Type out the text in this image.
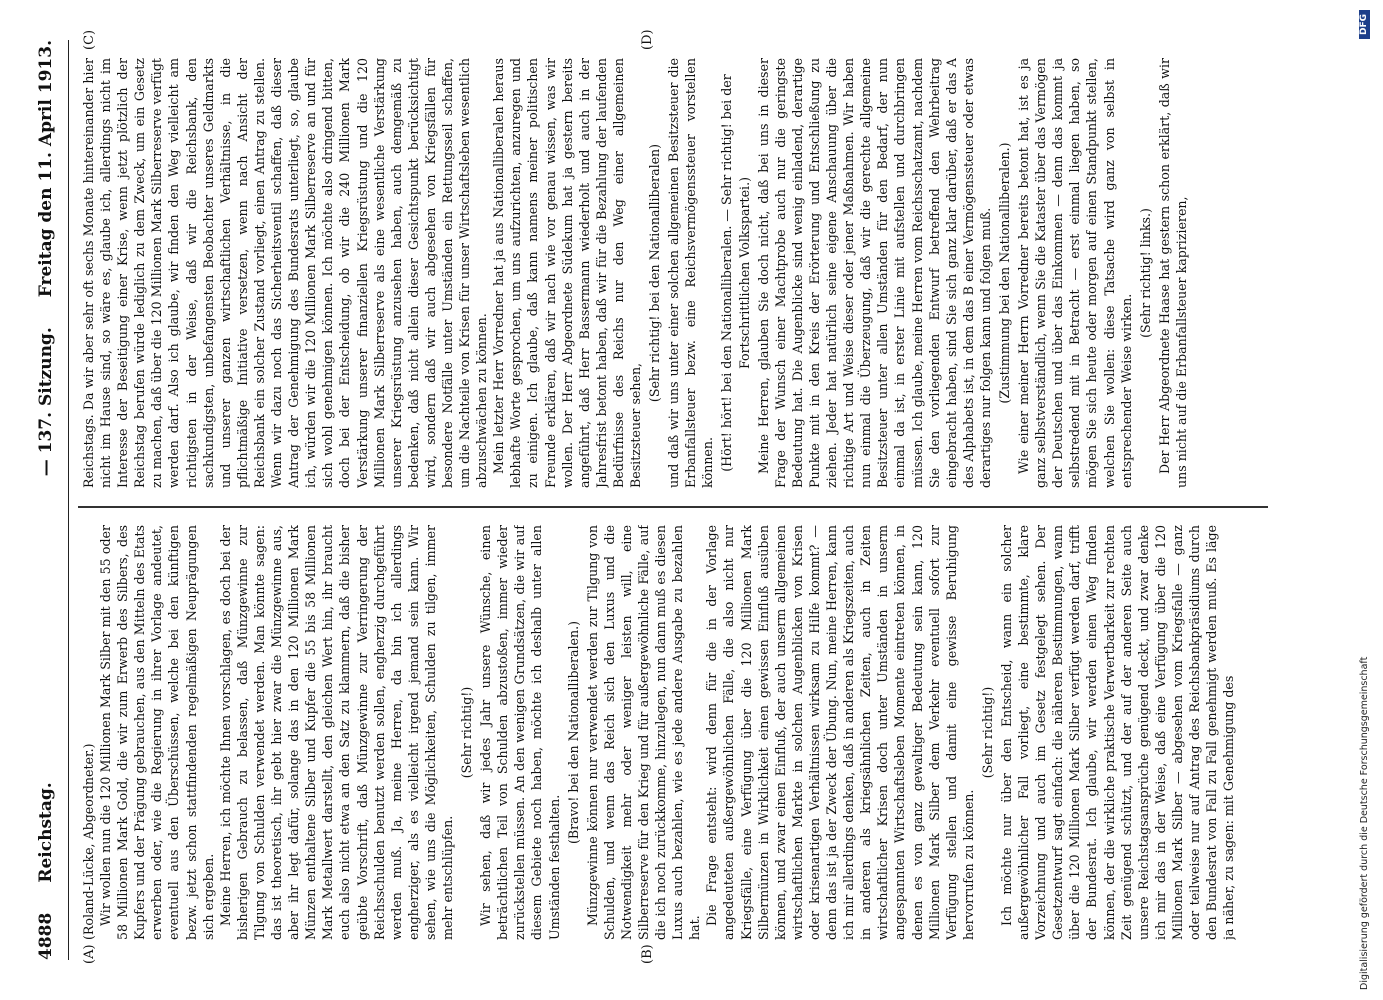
4888
Reichstag.
— 137. Sitzung.
Freitag den 11. April 1913.
(A)	(B)
(C)	(D)

(Roland-Lücke, Abgeordneter.) Wir wollen nun die 120 Millionen Mark Silber mit den 55 oder 58 Millionen Mark Gold, die wir zum Erwerb des Silbers, des Kupfers und der Prägung gebrauchen, aus den Mitteln des Etats erwerben oder, wie die Regierung in ihrer Vorlage andeutet, eventuell aus den Überschüssen, welche bei den künftigen bezw. jetzt schon stattfindenden regelmäßigen Neuprägungen sich ergeben. Meine Herren, ich möchte Ihnen vorschlagen, es doch bei der bisherigen Gebrauch zu belassen, daß Münzgewinne zur Tilgung von Schulden verwendet werden. Man könnte sagen: das ist theoretisch, ihr gebt hier zwar die Münzgewinne aus, aber ihr legt dafür, solange das in den 120 Millionen Mark Münzen enthaltene Silber und Kupfer die 55 bis 58 Millionen Mark Metallwert darstellt, den gleichen Wert hin, ihr braucht euch also nicht etwa an den Satz zu klammern, daß die bisher geübte Vorschrift, daß Münzgewinne zur Verringerung der Reichsschulden benutzt werden sollen, engherzig durchgeführt werden muß. Ja, meine Herren, da bin ich allerdings engherziger, als es vielleicht irgend jemand sein kann. Wir sehen, wie uns die Möglichkeiten, Schulden zu tilgen, immer mehr entschlüpfen.

(Sehr richtig!) Wir sehen, daß wir jedes Jahr unsere Wünsche, einen beträchtlichen Teil von Schulden abzustoßen, immer wieder zurückstellen müssen. An den wenigen Grundsätzen, die wir auf diesem Gebiete noch haben, möchte ich deshalb unter allen Umständen festhalten.

(Bravo! bei den Nationalliberalen.) Münzgewinne können nur verwendet werden zur Tilgung von Schulden, und wenn das Reich sich den Luxus und die Notwendigkeit mehr oder weniger leisten will, eine Silberreserve für den Krieg und für außergewöhnliche Fälle, auf die ich noch zurückkomme, hinzulegen, nun dann muß es diesen Luxus auch bezahlen, wie es jede andere Ausgabe zu bezahlen hat.

Die Frage entsteht: wird denn für die in der Vorlage angedeuteten außergewöhnlichen Fälle, die also nicht nur Kriegsfälle, eine Verfügung über die 120 Millionen Mark Silbermünzen in Wirklichkeit einen gewissen Einfluß ausüben können, und zwar einen Einfluß, der auch unserm allgemeinen wirtschaftlichen Markte in solchen Augenblicken von Krisen oder krisenartigen Verhältnissen wirksam zu Hilfe kommt? — denn das ist ja der Zweck der Übung. Nun, meine Herren, kann ich mir allerdings denken, daß in anderen als Kriegszeiten, auch in anderen als kriegsähnlichen Zeiten, auch in Zeiten wirtschaftlicher Krisen doch unter Umständen in unserm angespannten Wirtschaftsleben Momente eintreten können, in denen es von ganz gewaltiger Bedeutung sein kann, 120 Millionen Mark Silber dem Verkehr eventuell sofort zur Verfügung stellen und damit eine gewisse Beruhigung hervorrufen zu können.

(Sehr richtig!) Ich möchte nur über den Entscheid, wann ein solcher außergewöhnlicher Fall vorliegt, eine bestimmte, klare Vorzeichnung und auch im Gesetz festgelegt sehen. Der Gesetzentwurf sagt einfach: die näheren Bestimmungen, wann über die 120 Millionen Mark Silber verfügt werden darf, trifft der Bundesrat. Ich glaube, wir werden einen Weg finden können, der die wirkliche praktische Verwertbarkeit zur rechten Zeit genügend schützt, und der auf der anderen Seite auch unsere Reichstagsansprüche genügend deckt, und zwar denke ich mir das in der Weise, daß eine Verfügung über die 120 Millionen Mark Silber — abgesehen vom Kriegsfalle — ganz oder teilweise nur auf Antrag des Reichsbankpräsidiums durch den Bundesrat von Fall zu Fall genehmigt werden muß. Es läge ja näher, zu sagen: mit Genehmigung des

Reichstags. Da wir aber sehr oft sechs Monate hintereinander hier nicht im Hause sind, so wäre es, glaube ich, allerdings nicht im Interesse der Beseitigung einer Krise, wenn jetzt plötzlich der Reichstag berufen würde lediglich zu dem Zweck, um ein Gesetz zu machen, daß über die 120 Millionen Mark Silberreserve verfügt werden darf. Also ich glaube, wir finden den Weg vielleicht am richtigsten in der Weise, daß wir die Reichsbank, den sachkundigsten, unbefangensten Beobachter unseres Geldmarkts und unserer ganzen wirtschaftlichen Verhältnisse, in die pflichtmäßige Initiative versetzen, wenn nach Ansicht der Reichsbank ein solcher Zustand vorliegt, einen Antrag zu stellen. Wenn wir dazu noch das Sicherheitsventil schaffen, daß dieser Antrag der Genehmigung des Bundesrats unterliegt, so, glaube ich, würden wir die 120 Millionen Mark Silberreserve an und für sich wohl genehmigen können. Ich möchte also dringend bitten, doch bei der Entscheidung, ob wir die 240 Millionen Mark Verstärkung unserer finanziellen Kriegsrüstung und die 120 Millionen Mark Silberreserve als eine wesentliche Verstärkung unserer Kriegsrüstung anzusehen haben, auch demgemäß zu bedenken, daß nicht allein dieser Gesichtspunkt berücksichtigt wird, sondern daß wir auch abgesehen von Kriegsfällen für besondere Notfälle unter Umständen ein Rettungsseil schaffen, um die Nachteile von Krisen für unser Wirtschaftsleben wesentlich abzuschwächen zu können. Mein letzter Herr Vorredner hat ja aus Nationalliberalen heraus lebhafte Worte gesprochen, um uns aufzurichten, anzuregen und zu einigen. Ich glaube, daß kann namens meiner politischen Freunde erklären, daß wir nach wie vor genau wissen, was wir wollen. Der Herr Abgeordnete Südekum hat ja gestern bereits angeführt, daß Herr Bassermann wiederholt und auch in der Jahresfrist betont haben, daß wir für die Bezahlung der laufenden Bedürfnisse des Reichs nur den Weg einer allgemeinen Besitzsteuer sehen,

(Sehr richtig! bei den Nationalliberalen) und daß wir uns unter einer solchen allgemeinen Besitzsteuer die Erbanfallsteuer bezw. eine Reichsvermögenssteuer vorstellen können. (Hört! hört! bei den Nationalliberalen. — Sehr richtig! bei der Fortschrittlichen Volkspartei.) Meine Herren, glauben Sie doch nicht, daß bei uns in dieser Frage der Wunsch einer Machtprobe auch nur die geringste Bedeutung hat. Die Augenblicke sind wenig einladend, derartige Punkte mit in den Kreis der Erörterung und Entschließung zu ziehen. Jeder hat natürlich seine eigene Anschauung über die richtige Art und Weise dieser oder jener Maßnahmen. Wir haben nun einmal die Überzeugung, daß wir die gerechte allgemeine Besitzsteuer unter allen Umständen für den Bedarf, der nun einmal da ist, in erster Linie mit aufstellen und durchbringen müssen. Ich glaube, meine Herren vom Reichsschatzamt, nachdem Sie den vorliegenden Entwurf betreffend den Wehrbeitrag eingebracht haben, sind Sie sich ganz klar darüber, daß er das A des Alphabets ist, in dem das B einer Vermögenssteuer oder etwas derartiges nur folgen kann und folgen muß. (Zustimmung bei den Nationalliberalen.) Wie einer meiner Herrn Vorredner bereits betont hat, ist es ja ganz selbstverständlich, wenn Sie die Kataster über das Vermögen der Deutschen und über das Einkommen — denn das kommt ja selbstredend mit in Betracht — erst einmal liegen haben, so mögen Sie sich heute oder morgen auf einen Standpunkt stellen, welchen Sie wollen: diese Tatsache wird ganz von selbst in entsprechender Weise wirken.

(Sehr richtig! links.) Der Herr Abgeordnete Haase hat gestern schon erklärt, daß wir uns nicht auf die Erbanfallsteuer kaprizieren,

Digitalisierung gefördert durch die Deutsche Forschungsgemeinschaft
DFG
